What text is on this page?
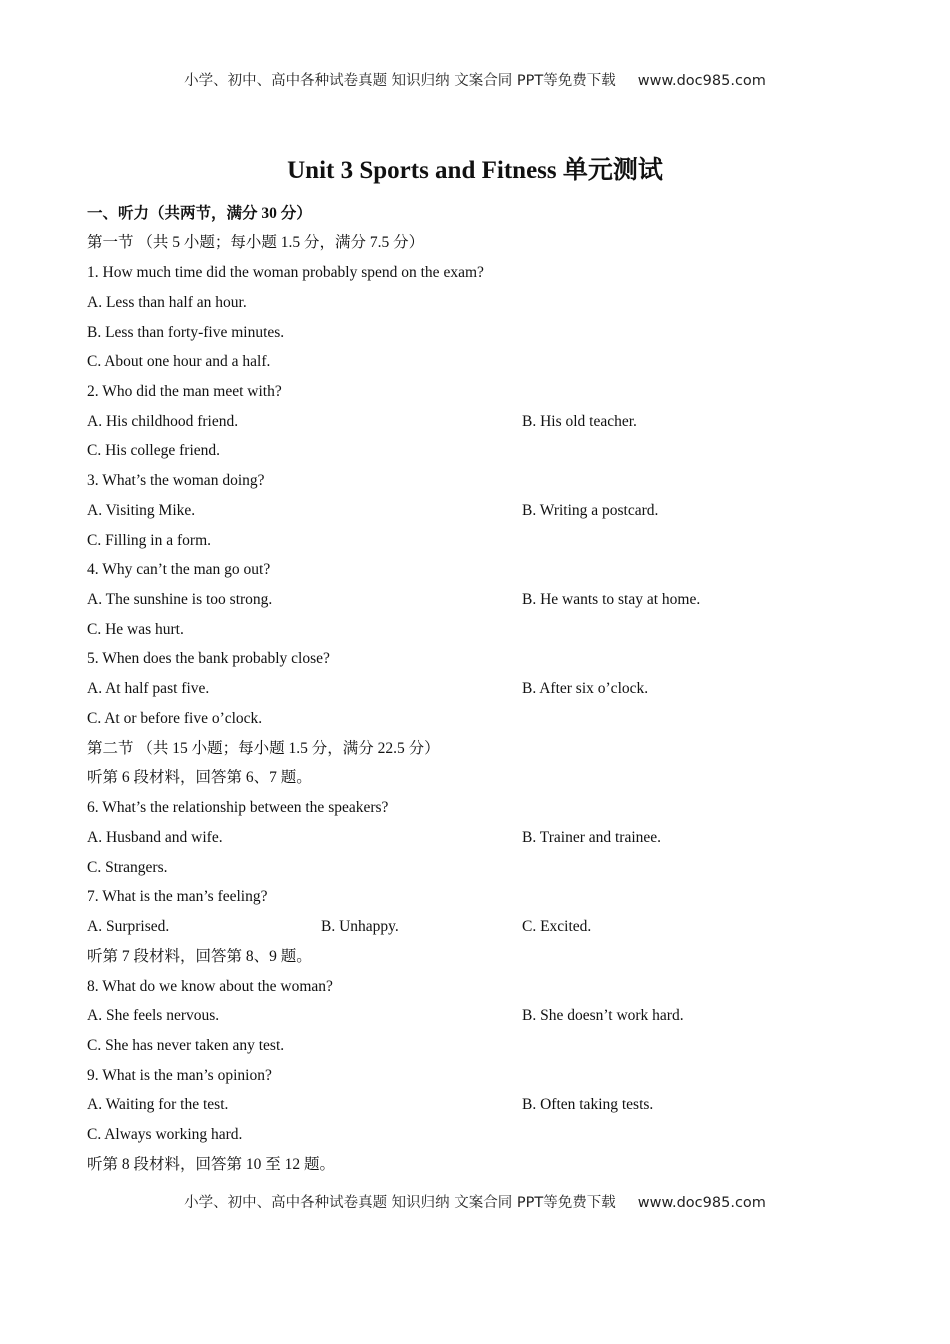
小学、初中、高中各种试卷真题 知识归纳 文案合同 PPT等免费下载 www.doc985.com
Unit 3 Sports and Fitness 单元测试
一、听力（共两节，满分 30 分）
第一节 （共 5 小题；每小题 1.5 分，满分 7.5 分）
1. How much time did the woman probably spend on the exam?
A. Less than half an hour.
B. Less than forty-five minutes.
C. About one hour and a half.
2. Who did the man meet with?
A. His childhood friend.	B. His old teacher.
C. His college friend.
3. What’s the woman doing?
A. Visiting Mike.	B. Writing a postcard.
C. Filling in a form.
4. Why can’t the man go out?
A. The sunshine is too strong.	B. He wants to stay at home.
C. He was hurt.
5. When does the bank probably close?
A. At half past five.	B. After six o’clock.
C. At or before five o’clock.
第二节 （共 15 小题；每小题 1.5 分，满分 22.5 分）
听第 6 段材料，回答第 6、7 题。
6. What’s the relationship between the speakers?
A. Husband and wife.	B. Trainer and trainee.
C. Strangers.
7. What is the man’s feeling?
A. Surprised.	B. Unhappy.	C. Excited.
听第 7 段材料，回答第 8、9 题。
8. What do we know about the woman?
A. She feels nervous.	B. She doesn’t work hard.
C. She has never taken any test.
9. What is the man’s opinion?
A. Waiting for the test.	B. Often taking tests.
C. Always working hard.
听第 8 段材料，回答第 10 至 12 题。
小学、初中、高中各种试卷真题 知识归纳 文案合同 PPT等免费下载 www.doc985.com
